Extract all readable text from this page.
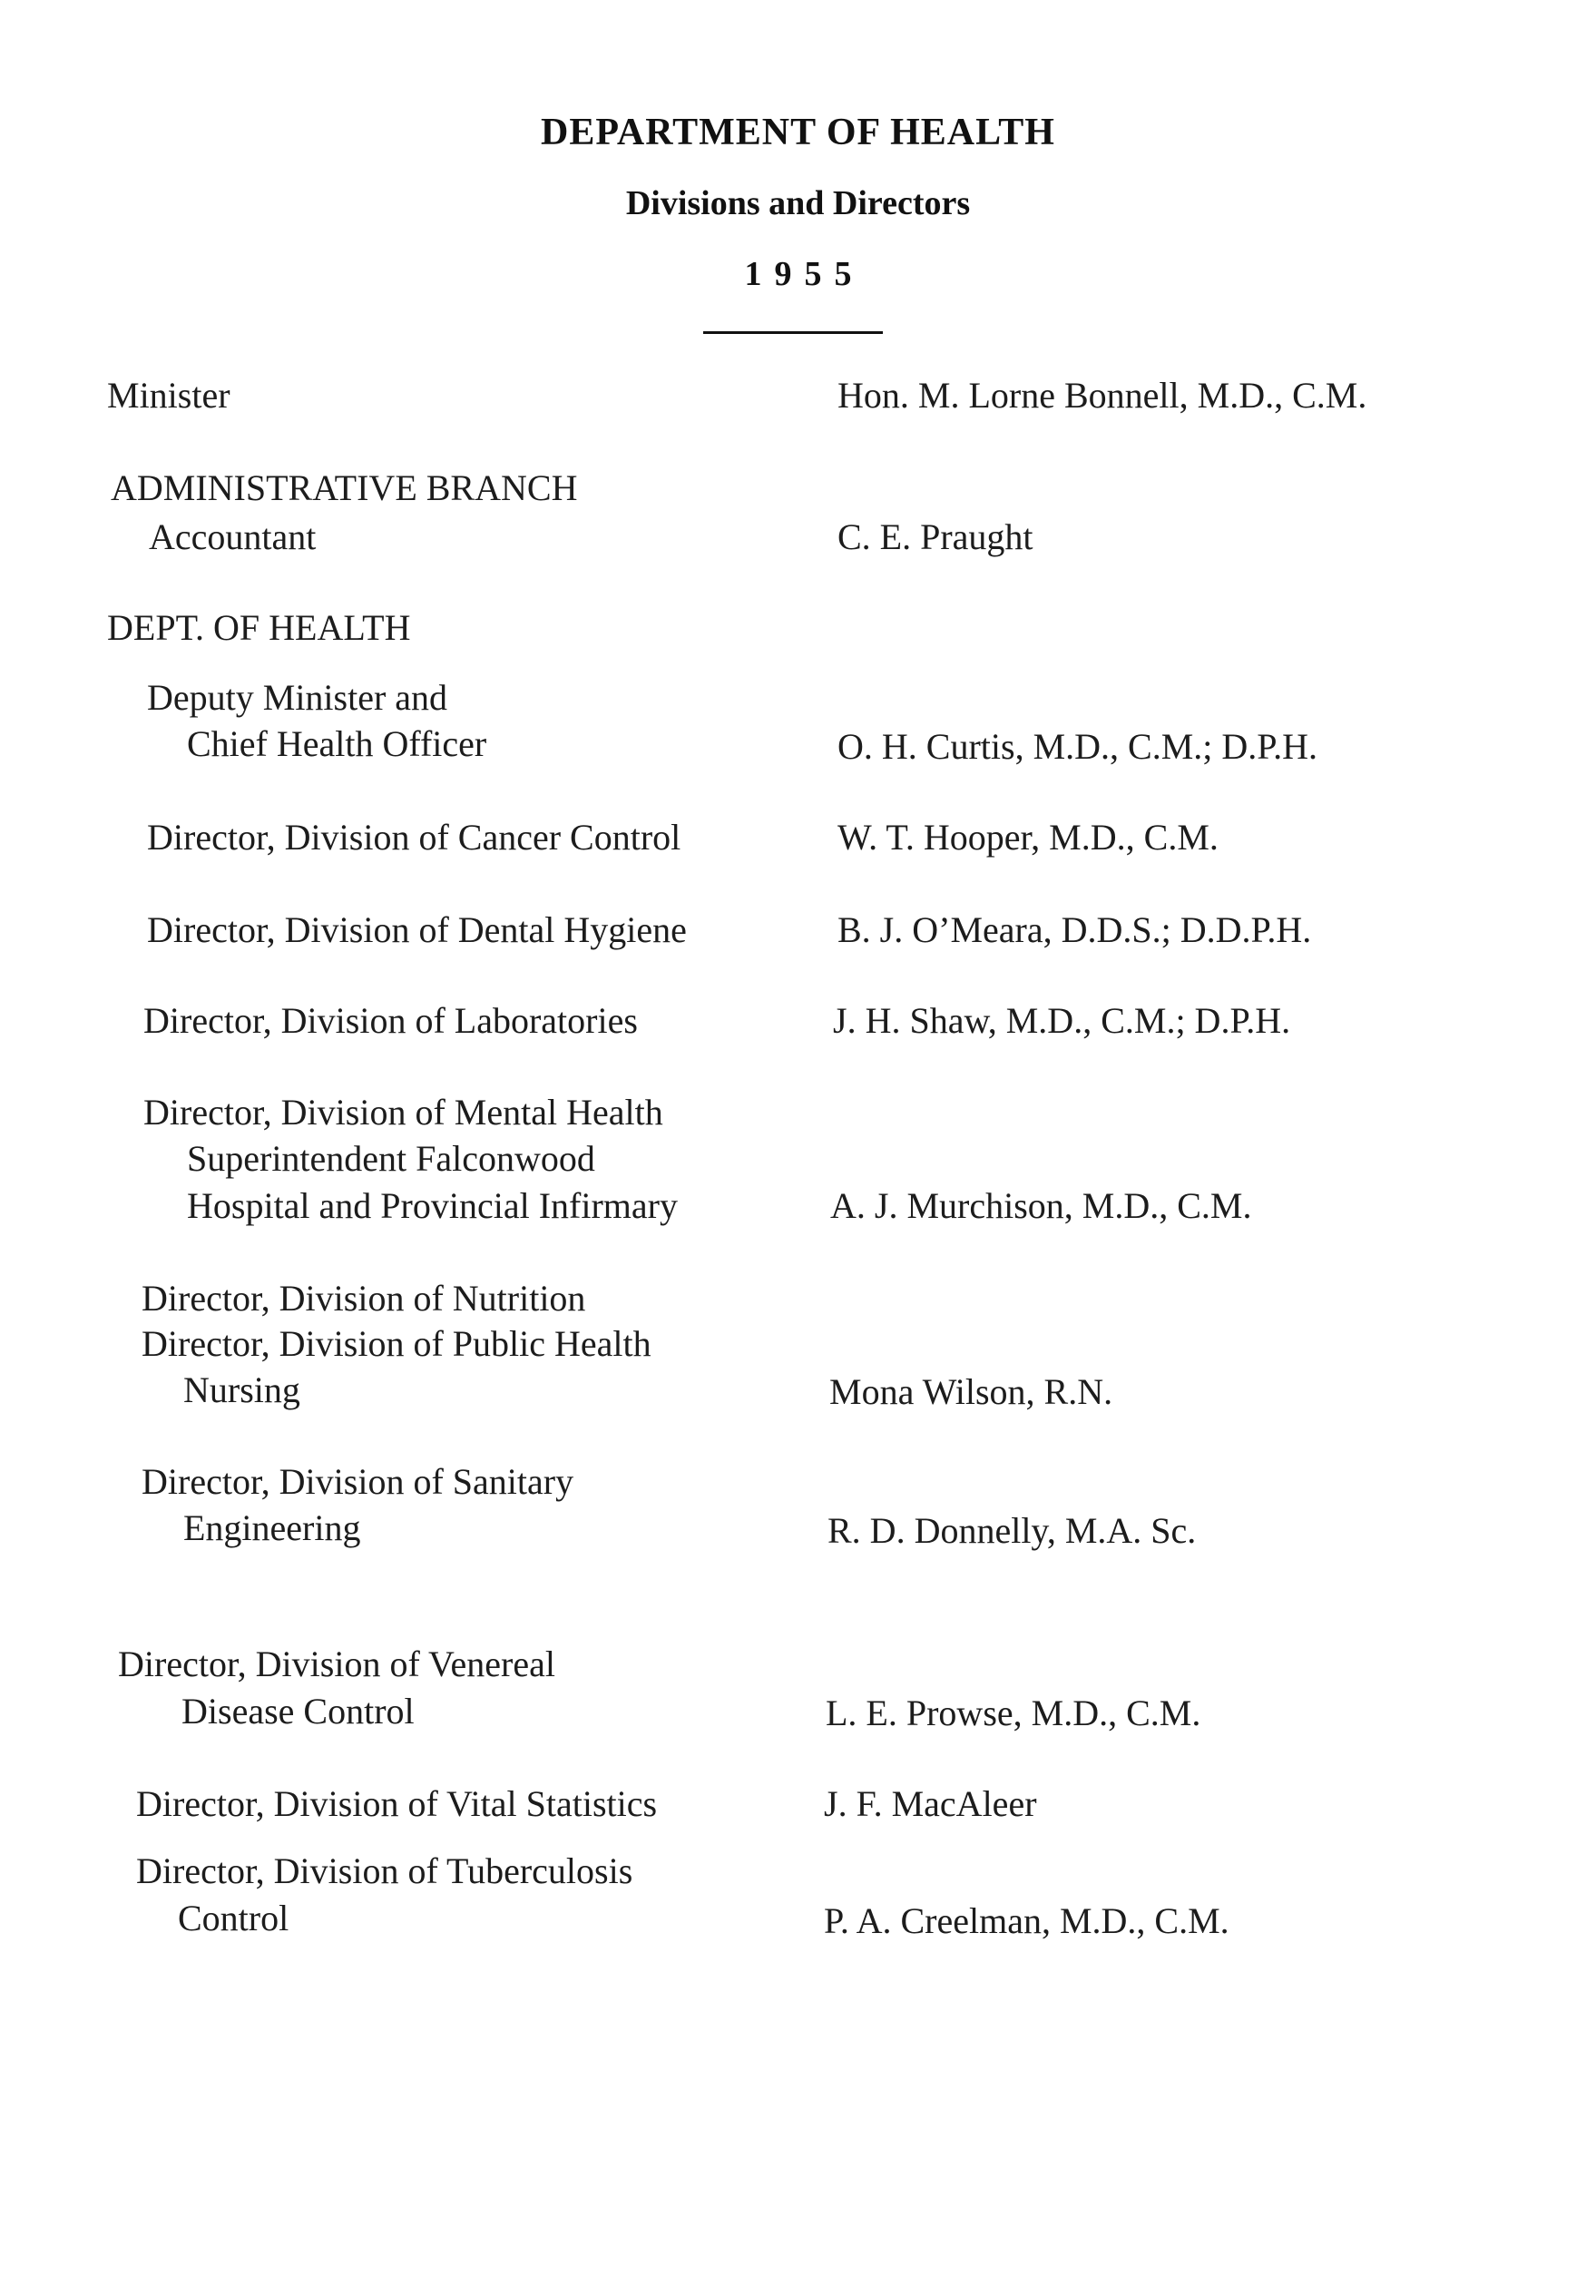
DEPARTMENT OF HEALTH
Divisions and Directors
1955
Minister	Hon. M. Lorne Bonnell, M.D., C.M.
ADMINISTRATIVE BRANCH
Accountant	C. E. Praught
DEPT. OF HEALTH
Deputy Minister and
Chief Health Officer	O. H. Curtis, M.D., C.M.; D.P.H.
Director, Division of Cancer Control	W. T. Hooper, M.D., C.M.
Director, Division of Dental Hygiene	B. J. O’Meara, D.D.S.; D.D.P.H.
Director, Division of Laboratories	J. H. Shaw, M.D., C.M.; D.P.H.
Director, Division of Mental Health
Superintendent Falconwood
Hospital and Provincial Infirmary	A. J. Murchison, M.D., C.M.
Director, Division of Nutrition
Director, Division of Public Health
Nursing	Mona Wilson, R.N.
Director, Division of Sanitary
Engineering	R. D. Donnelly, M.A. Sc.
Director, Division of Venereal
Disease Control	L. E. Prowse, M.D., C.M.
Director, Division of Vital Statistics	J. F. MacAleer
Director, Division of Tuberculosis
Control	P. A. Creelman, M.D., C.M.
